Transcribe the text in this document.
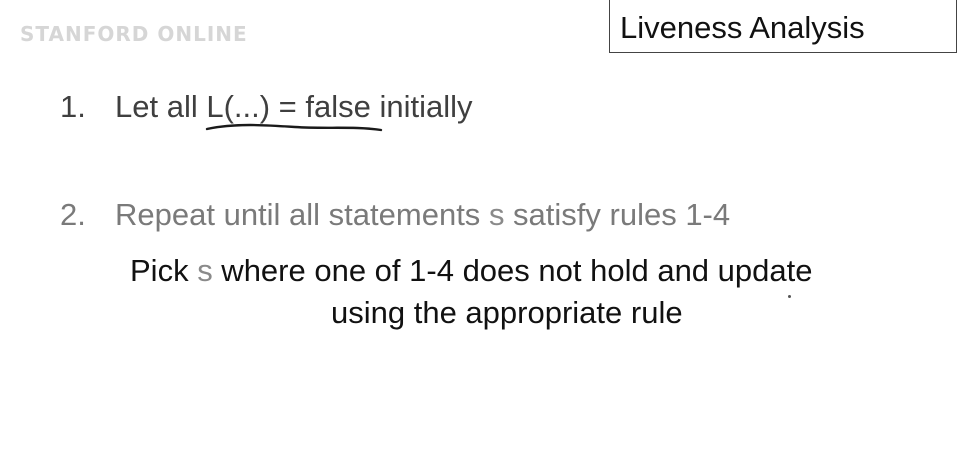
STANFORD ONLINE	Liveness Analysis
1. Let all L(...) = false initially
2. Repeat until all statements s satisfy rules 1-4
Pick s where one of 1-4 does not hold and update
using the appropriate rule
